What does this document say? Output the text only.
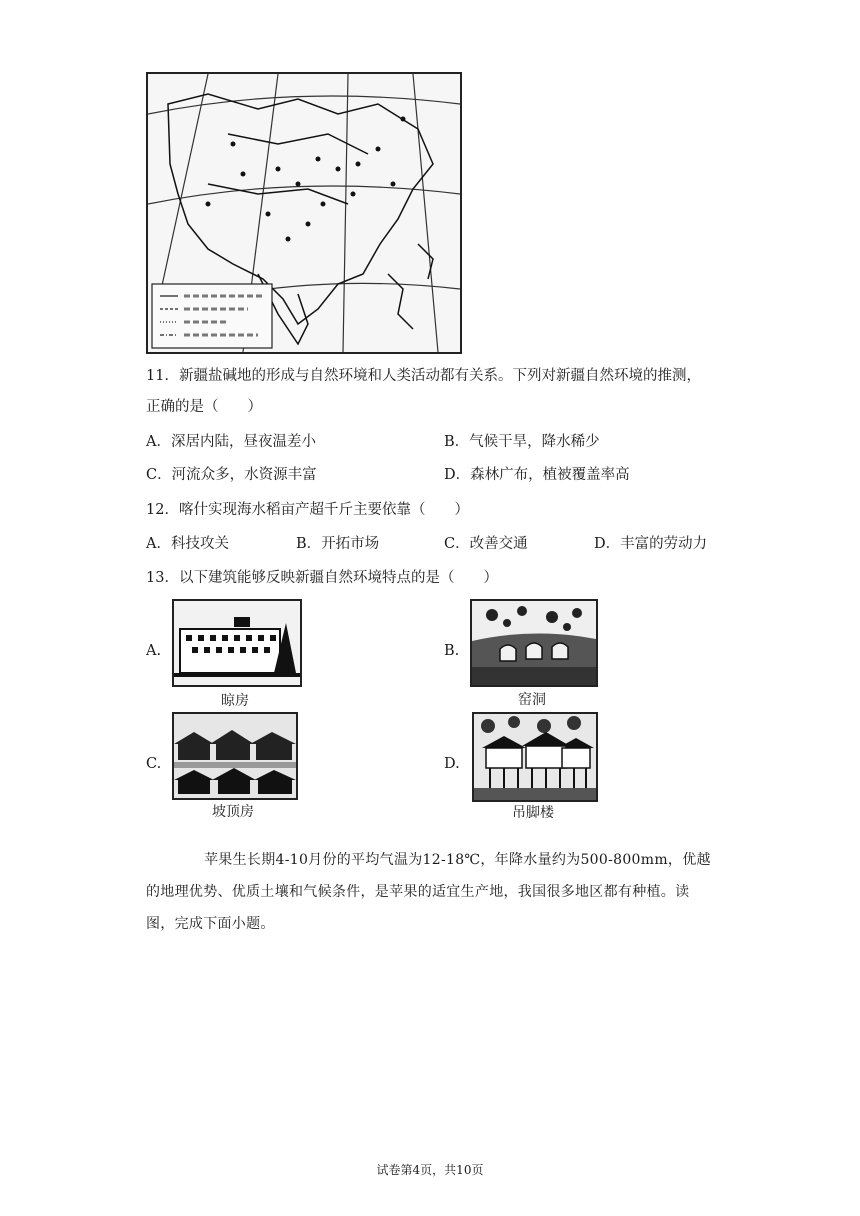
11．新疆盐碱地的形成与自然环境和人类活动都有关系。下列对新疆自然环境的推测，
正确的是（　　）
A．深居内陆，昼夜温差小	B．气候干旱，降水稀少
C．河流众多，水资源丰富	D．森林广布，植被覆盖率高
12．喀什实现海水稻亩产超千斤主要依靠（　　）
A．科技攻关	B．开拓市场	C．改善交通	D．丰富的劳动力
13．以下建筑能够反映新疆自然环境特点的是（　　）
A.
晾房
B.
窑洞
C.
坡顶房
D.
吊脚楼
苹果生长期4-10月份的平均气温为12-18℃，年降水量约为500-800mm，优越
的地理优势、优质土壤和气候条件，是苹果的适宜生产地，我国很多地区都有种植。读
图，完成下面小题。
试卷第4页，共10页
